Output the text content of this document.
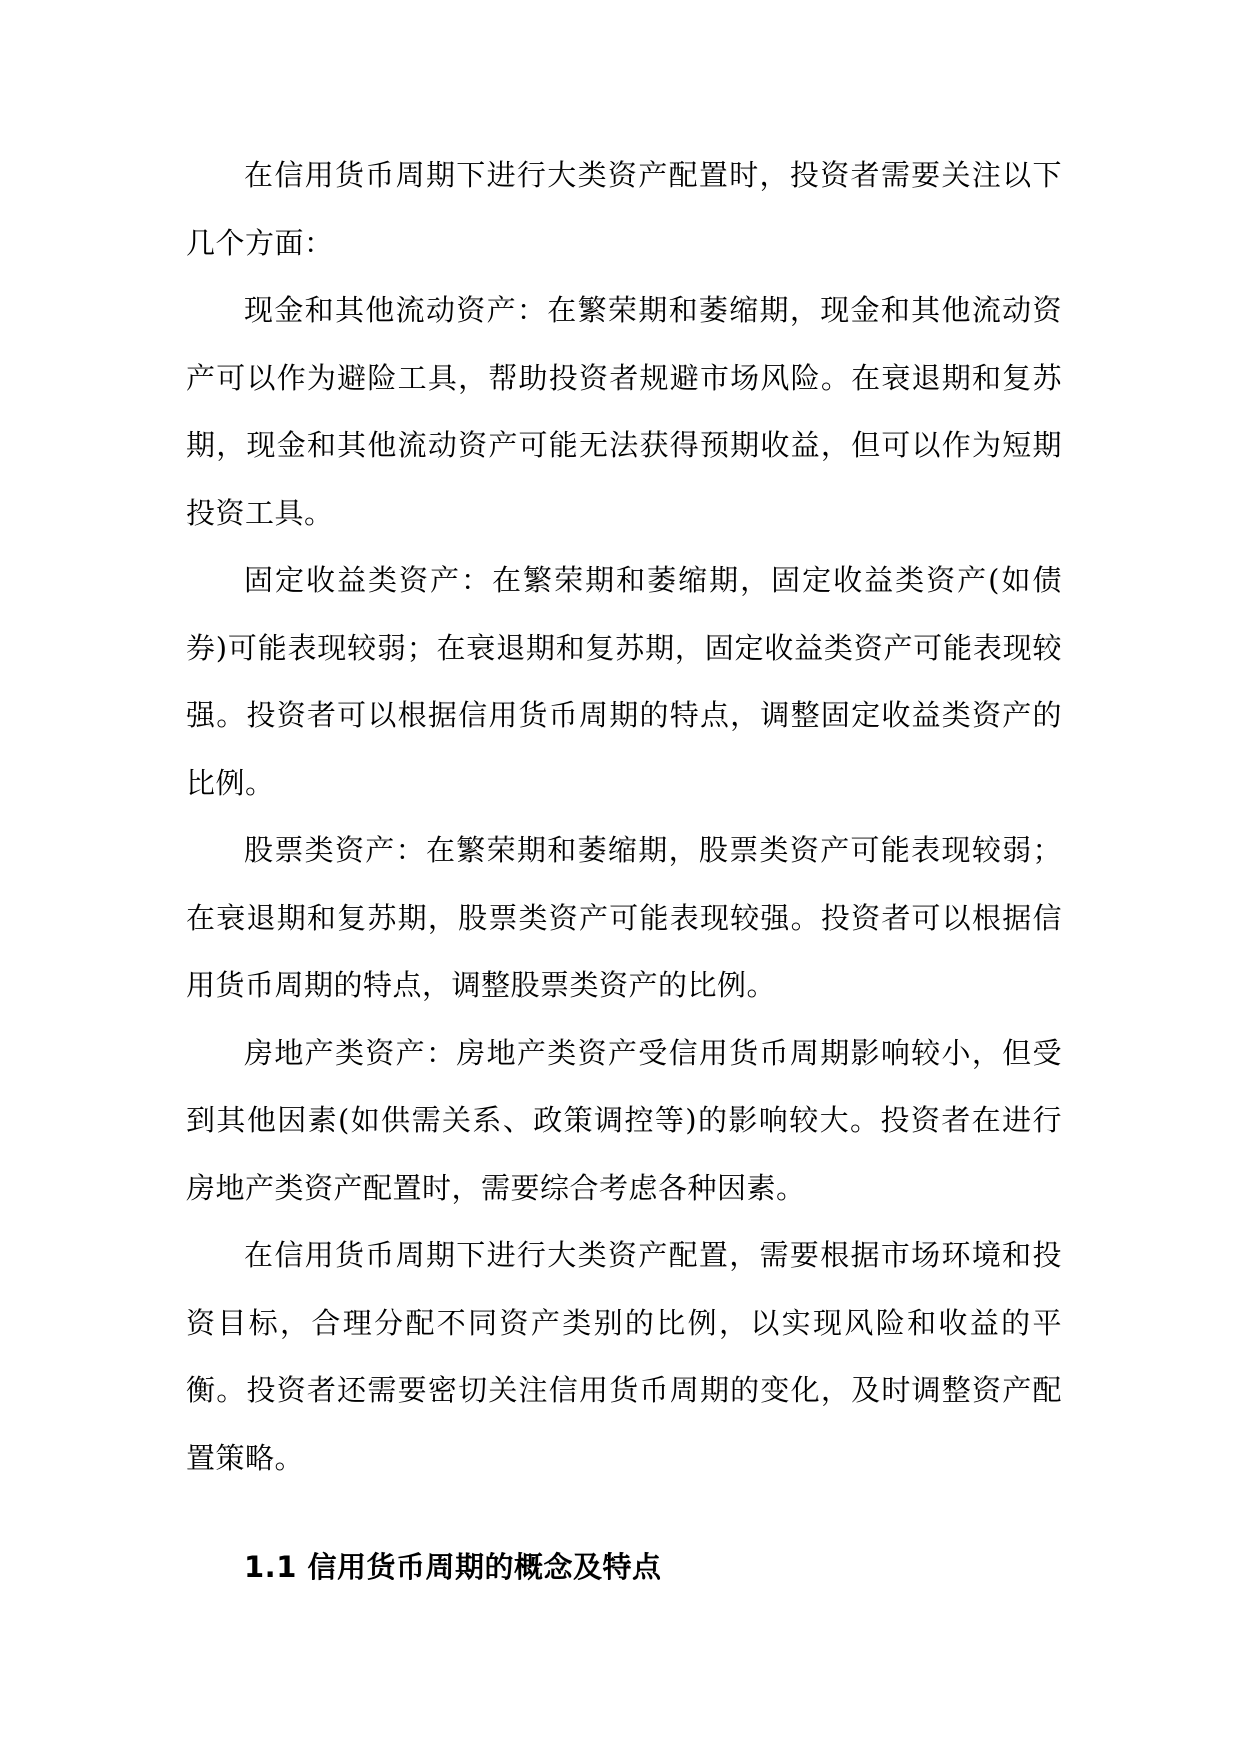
在信用货币周期下进行大类资产配置时，投资者需要关注以下几个方面：

现金和其他流动资产：在繁荣期和萎缩期，现金和其他流动资产可以作为避险工具，帮助投资者规避市场风险。在衰退期和复苏期，现金和其他流动资产可能无法获得预期收益，但可以作为短期投资工具。

固定收益类资产：在繁荣期和萎缩期，固定收益类资产(如债券)可能表现较弱；在衰退期和复苏期，固定收益类资产可能表现较强。投资者可以根据信用货币周期的特点，调整固定收益类资产的比例。

股票类资产：在繁荣期和萎缩期，股票类资产可能表现较弱；在衰退期和复苏期，股票类资产可能表现较强。投资者可以根据信用货币周期的特点，调整股票类资产的比例。

房地产类资产：房地产类资产受信用货币周期影响较小，但受到其他因素(如供需关系、政策调控等)的影响较大。投资者在进行房地产类资产配置时，需要综合考虑各种因素。

在信用货币周期下进行大类资产配置，需要根据市场环境和投资目标，合理分配不同资产类别的比例，以实现风险和收益的平衡。投资者还需要密切关注信用货币周期的变化，及时调整资产配置策略。

1.1 信用货币周期的概念及特点
